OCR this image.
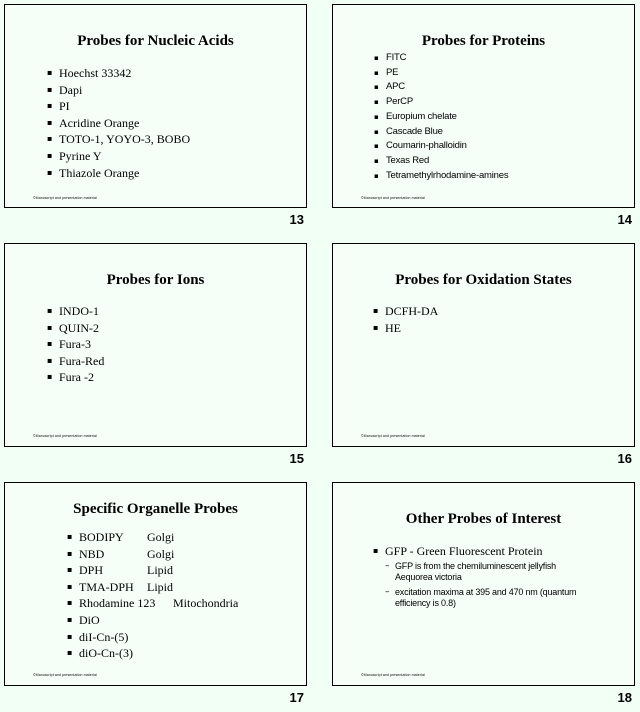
Probes for Nucleic Acids
▪ Hoechst 33342
▪ Dapi
▪ PI
▪ Acridine Orange
▪ TOTO-1, YOYO-3, BOBO
▪ Pyrine Y
▪ Thiazole Orange
©Manuscript and presentation material
13
Probes for Proteins
▪ FITC
▪ PE
▪ APC
▪ PerCP
▪ Europium chelate
▪ Cascade Blue
▪ Coumarin-phalloidin
▪ Texas Red
▪ Tetramethylrhodamine-amines
©Manuscript and presentation material
14
Probes for Ions
▪ INDO-1
▪ QUIN-2
▪ Fura-3
▪ Fura-Red
▪ Fura -2
©Manuscript and presentation material
15
Probes for Oxidation States
▪ DCFH-DA
▪ HE
©Manuscript and presentation material
16
Specific Organelle Probes
▪ BODIPY Golgi
▪ NBD	Golgi
▪ DPH	Lipid
▪ TMA-DPH Lipid
▪ Rhodamine 123 Mitochondria
▪ DiO
▪ diI-Cn-(5)
▪ diO-Cn-(3)
©Manuscript and presentation material
17
Other Probes of Interest
▪ GFP - Green Fluorescent Protein
– GFP is from the chemiluminescent jellyfish Aequorea victoria
– excitation maxima at 395 and 470 nm (quantum efficiency is 0.8)
©Manuscript and presentation material
18
